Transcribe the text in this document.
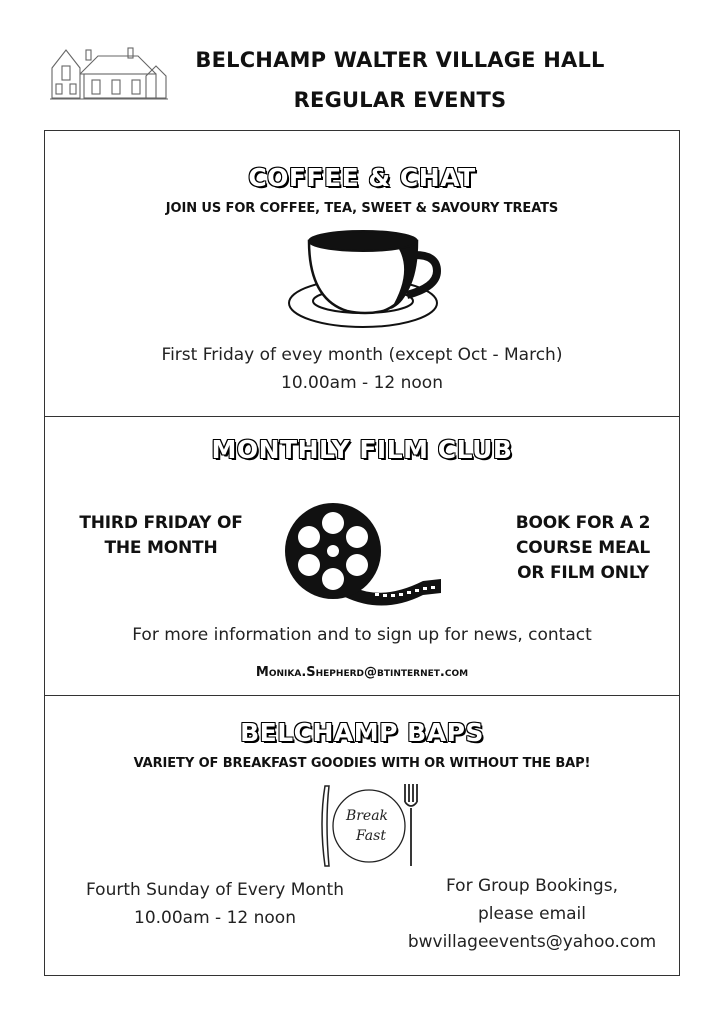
BELCHAMP WALTER VILLAGE HALL
REGULAR EVENTS
COFFEE & CHAT
JOIN US FOR COFFEE, TEA, SWEET & SAVOURY TREATS
First Friday of evey month (except Oct - March)
10.00am - 12 noon
MONTHLY FILM CLUB
THIRD FRIDAY OF
THE MONTH
BOOK FOR A 2
COURSE MEAL
OR FILM ONLY
For more information and to sign up for news, contact
Monika.Shepherd@btinternet.com
BELCHAMP BAPS
VARIETY OF BREAKFAST GOODIES WITH OR WITHOUT THE BAP!
Break
Fast
Fourth Sunday of Every Month
10.00am - 12 noon
For Group Bookings,
please email
bwvillageevents@yahoo.com
